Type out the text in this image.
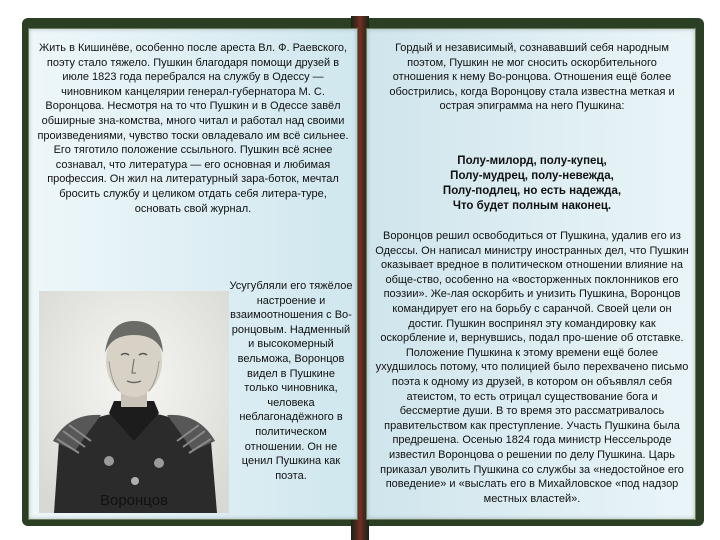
Жить в Кишинёве, особенно после ареста Вл. Ф. Раевского, поэту стало тяжело. Пушкин благодаря помощи друзей в июле 1823 года перебрался на службу в Одессу — чиновником канцелярии генерал-губернатора М. С. Воронцова. Несмотря на то что Пушкин и в Одессе завёл обширные зна-комства, много читал и работал над своими произведениями, чувство тоски овладевало им всё сильнее. Его тяготило положение ссыльного. Пушкин всё яснее сознавал, что литература — его основная и любимая профессия. Он жил на литературный зара-боток, мечтал бросить службу и целиком отдать себя литера-туре, основать свой журнал.

Воронцов

Усугубляли его тяжёлое настроение и взаимоотношения с Во-ронцовым. Надменный и высокомерный вельможа, Воронцов видел в Пушкине только чиновника, человека неблагонадёжного в политическом отношении. Он не ценил Пушкина как поэта.

Гордый и независимый, сознававший себя народным поэтом, Пушкин не мог сносить оскорбительного отношения к нему Во-ронцова. Отношения ещё более обострились, когда Воронцову стала известна меткая и острая эпиграмма на него Пушкина:

Полу-милорд, полу-купец,
Полу-мудрец, полу-невежда,
Полу-подлец, но есть надежда,
Что будет полным наконец.

Воронцов решил освободиться от Пушкина, удалив его из Одессы. Он написал министру иностранных дел, что Пушкин оказывает вредное в политическом отношении влияние на обще-ство, особенно на «восторженных поклонников его поэзии». Же-лая оскорбить и унизить Пушкина, Воронцов командирует его на борьбу с саранчой. Своей цели он достиг. Пушкин воспринял эту командировку как оскорбление и, вернувшись, подал про-шение об отставке. Положение Пушкина к этому времени ещё более ухудшилось потому, что полицией было перехвачено письмо поэта к одному из друзей, в котором он объявлял себя атеистом, то есть отрицал существование бога и бессмертие души. В то время это рассматривалось правительством как преступление. Участь Пушкина была предрешена. Осенью 1824 года министр Нессельроде известил Воронцова о решении по делу Пушкина. Царь приказал уволить Пушкина со службы за «недостойное его поведение» и «выслать его в Михайловское «под надзор местных властей».
